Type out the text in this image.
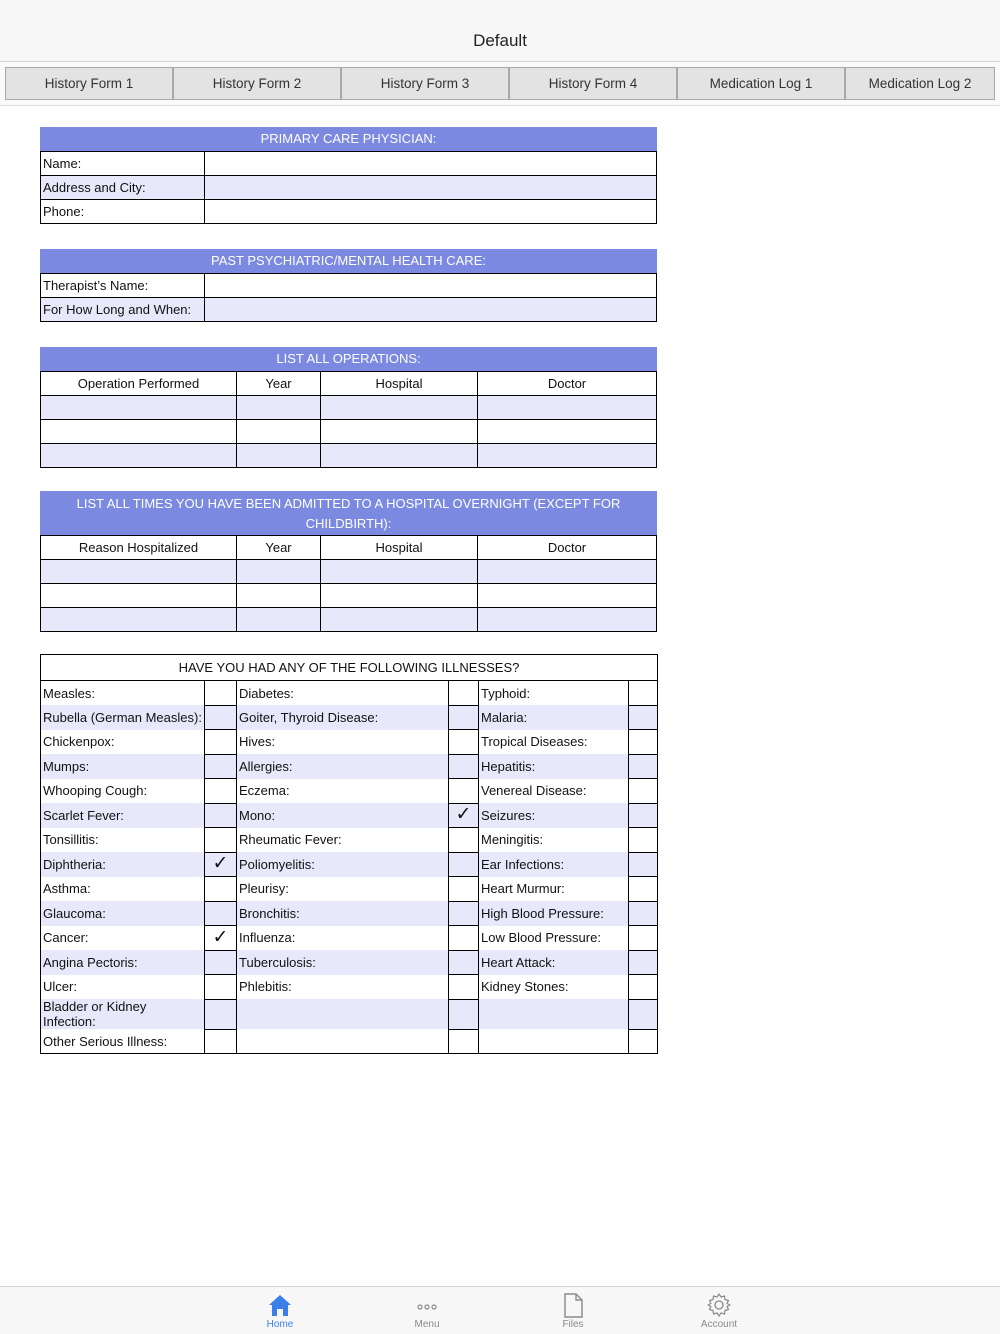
Default
History Form 1	History Form 2	History Form 3	History Form 4	Medication Log 1	Medication Log 2
PRIMARY CARE PHYSICIAN:
Name:	
Address and City:	
Phone:	
PAST PSYCHIATRIC/MENTAL HEALTH CARE:
Therapist’s Name:	
For How Long and When:	
LIST ALL OPERATIONS:
Operation Performed	Year	Hospital	Doctor

LIST ALL TIMES YOU HAVE BEEN ADMITTED TO A HOSPITAL OVERNIGHT (EXCEPT FOR
CHILDBIRTH):
Reason Hospitalized	Year	Hospital	Doctor

HAVE YOU HAD ANY OF THE FOLLOWING ILLNESSES?					
Measles:		Diabetes:		Typhoid:	
Rubella (German Measles):		Goiter, Thyroid Disease:		Malaria:	
Chickenpox:		Hives:		Tropical Diseases:	
Mumps:		Allergies:		Hepatitis:	
Whooping Cough:		Eczema:		Venereal Disease:	
Scarlet Fever:		Mono:	✓	Seizures:	
Tonsillitis:		Rheumatic Fever:		Meningitis:	
Diphtheria:	✓	Poliomyelitis:		Ear Infections:	
Asthma:		Pleurisy:		Heart Murmur:	
Glaucoma:		Bronchitis:		High Blood Pressure:	
Cancer:	✓	Influenza:		Low Blood Pressure:	
Angina Pectoris:		Tuberculosis:		Heart Attack:	
Ulcer:		Phlebitis:		Kidney Stones:	
Bladder or Kidney Infection:					
Other Serious Illness:					
Home	Menu	Files	Account
